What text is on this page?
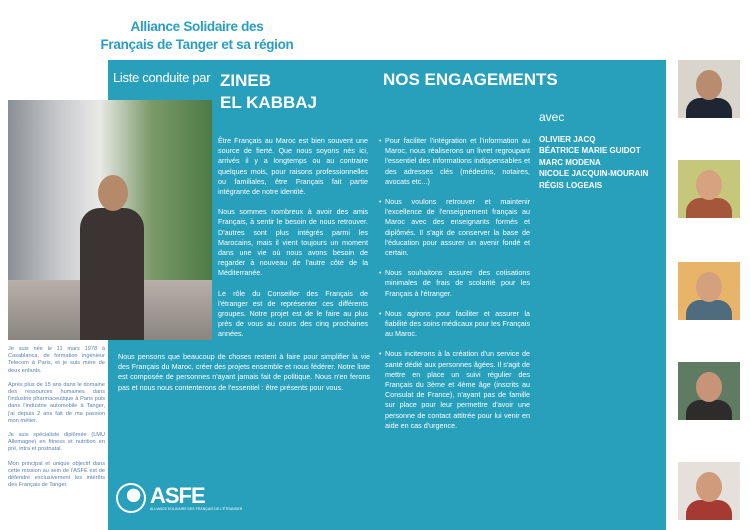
Alliance Solidaire des
Français de Tanger et sa région
Liste conduite par ZINEB
EL KABBAJ
NOS ENGAGEMENTS
avec
OLIVIER JACQ
BÉATRICE MARIE GUIDOT
MARC MODENA
NICOLE JACQUIN-MOURAIN
RÉGIS LOGEAIS

Je suis née le 11 mars 1978 à Casablanca, de formation ingénieur Telecom à Paris, et je suis mère de deux enfants.

Après plus de 15 ans dans le domaine des ressources humaines dans l'industrie pharmaceutique à Paris puis dans l'industrie automobile à Tanger, j'ai depuis 2 ans fait de ma passion mon métier.

Je suis spécialiste diplômée (LMU Allemagne) en fitness et nutrition en pré, intra et postnatal.

Mon principal et unique objectif dans cette mission au sein de l'ASFE est de défendre exclusivement les intérêts des Français de Tanger.

Être Français au Maroc est bien souvent une source de fierté. Que nous soyons nés ici, arrivés il y a longtemps ou au contraire quelques mois, pour raisons professionnelles ou familiales, être Français fait partie intégrante de notre identité.

Nous sommes nombreux à avoir des amis Français, à sentir le besoin de nous retrouver. D'autres sont plus intégrés parmi les Marocains, mais il vient toujours un moment dans une vie où nous avons besoin de regarder à nouveau de l'autre côté de la Méditerranée.

Le rôle du Conseiller des Français de l'étranger est de représenter ces différents groupes. Notre projet est de le faire au plus près de vous au cours des cinq prochaines années.

Nous pensons que beaucoup de choses restent à faire pour simplifier la vie des Français du Maroc, créer des projets ensemble et nous fédérer. Notre liste est composée de personnes n'ayant jamais fait de politique. Nous n'en ferons pas et nous nous contenterons de l'essentiel : être présents pour vous.
• Pour faciliter l'intégration et l'information au Maroc, nous réaliserons un livret regroupant l'essentiel des informations indispensables et des adresses clés (médecins, notaires, avocats etc...)
• Nous voulons retrouver et maintenir l'excellence de l'enseignement français au Maroc avec des enseignants formés et diplômés. Il s'agit de conserver la base de l'éducation pour assurer un avenir fondé et certain.
• Nous souhaitons assurer des cotisations minimales de frais de scolarité pour les Français à l'étranger.
• Nous agirons pour faciliter et assurer la fiabilité des soins médicaux pour les Français au Maroc.
• Nous inciterons à la création d'un service de santé dédié aux personnes âgées. Il s'agit de mettre en place un suivi régulier des Français du 3ème et 4ème âge (inscrits au Consulat de France), n'ayant pas de famille sur place pour leur permettre d'avoir une personne de contact attitrée pour lui venir en aide en cas d'urgence.
ASFE
ALLIANCE SOLIDAIRE DES FRANÇAIS DE L'ÉTRANGER
